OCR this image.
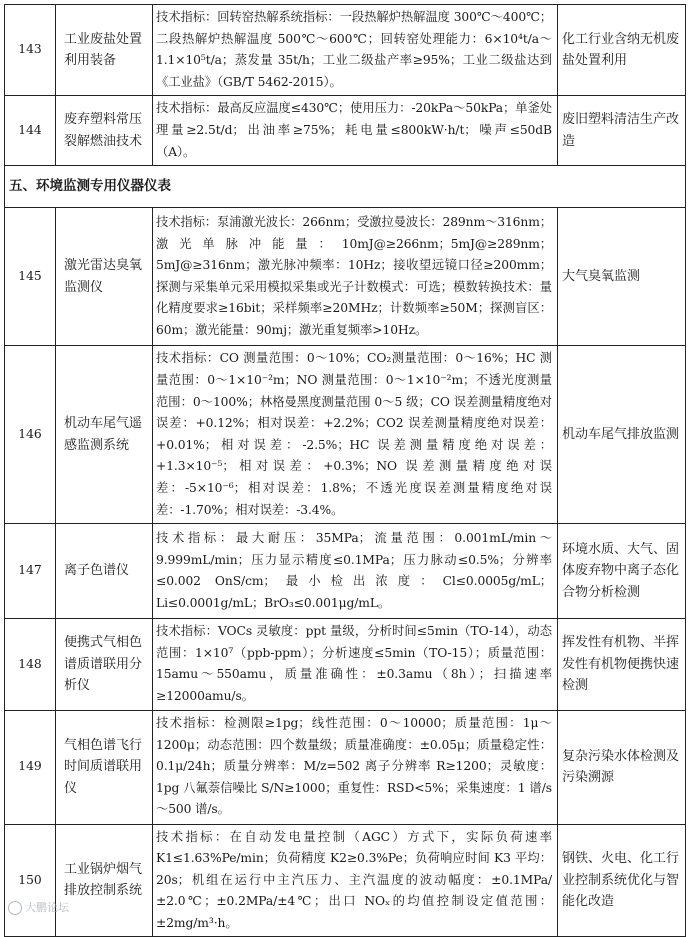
143	工业废盐处置利用装备	技术指标：回转窑热解系统指标：一段热解炉热解温度 300℃～400℃；二段热解炉热解温度 500℃～600℃；回转窑处理能力：6×10⁴t/a～1.1×10⁵t/a；蒸发量 35t/h；工业二级盐产率≥95%；工业二级盐达到《工业盐》（GB/T 5462-2015）。	化工行业含纳无机废盐处置利用
144	废弃塑料常压裂解燃油技术	技术指标：最高反应温度≤430℃；使用压力：-20kPa～50kPa；单釜处理量≥2.5t/d；出油率≥75%；耗电量≤800kW·h/t；噪声≤50dB（A）。	废旧塑料清洁生产改造
五、环境监测专用仪器仪表			
145	激光雷达臭氧监测仪	技术指标：泵浦激光波长：266nm；受激拉曼波长：289nm～316nm；激光单脉冲能量：10mJ@≥266nm；5mJ@≥289nm；5mJ@≥316nm；激光脉冲频率：10Hz；接收望远镜口径≥200mm；探测与采集单元采用模拟采集或光子计数模式：可选；模数转换技术：量化精度要求≥16bit；采样频率≥20MHz；计数频率≥50M；探测盲区：60m；激光能量：90mj；激光重复频率>10Hz。	大气臭氧监测
146	机动车尾气遥感监测系统	技术指标：CO 测量范围：0～10%；CO₂测量范围：0～16%；HC 测量范围：0～1×10⁻²m；NO 测量范围：0～1×10⁻²m；不透光度测量范围：0～100%；林格曼黑度测量范围 0～5 级；CO 误差测量精度绝对误差：+0.12%；相对误差：+2.2%；CO2 误差测量精度绝对误差：+0.01%；相对误差：-2.5%；HC 误差测量精度绝对误差：+1.3×10⁻⁵；相对误差：+0.3%；NO 误差测量精度绝对误差：-5×10⁻⁶；相对误差：1.8%；不透光度误差测量精度绝对误差：-1.70%；相对误差：-3.4%。	机动车尾气排放监测
147	离子色谱仪	技术指标：最大耐压：35MPa；流量范围：0.001mL/min～9.999mL/min；压力显示精度≤0.1MPa；压力脉动≤0.5%；分辨率≤0.002 OnS/cm；最小检出浓度：Cl≤0.0005g/mL；Li≤0.0001g/mL；BrO₃≤0.001μg/mL。	环境水质、大气、固体废弃物中离子态化合物分析检测
148	便携式气相色谱质谱联用分析仪	技术指标：VOCs 灵敏度：ppt 量级，分析时间≤5min（TO-14），动态范围：1×10⁷（ppb-ppm）；分析速度≤5min（TO-15）；质量范围：15amu～550amu，质量准确性：±0.3amu（8h）；扫描速率≥12000amu/s。	挥发性有机物、半挥发性有机物便携快速检测
149	气相色谱飞行时间质谱联用仪	技术指标：检测限≥1pg；线性范围：0～10000；质量范围：1μ～1200μ；动态范围：四个数量级；质量准确度：±0.05μ；质量稳定性：0.1μ/24h；质量分辨率：M/z=502 离子分辨率 R≥1200；灵敏度：1pg 八氟萘信噪比 S/N≥1000；重复性：RSD<5%；采集速度：1 谱/s～500 谱/s。	复杂污染水体检测及污染溯源
150	工业锅炉烟气排放控制系统	技术指标：在自动发电量控制（AGC）方式下，实际负荷速率 K1≤1.63%Pe/min；负荷精度 K2≥0.3%Pe；负荷响应时间 K3 平均：20s；机组在运行中主汽压力、主汽温度的波动幅度：±0.1MPa/±2.0℃；±0.2MPa/±4℃；出口 NOₓ的均值控制设定值范围：±2mg/m³·h。	钢铁、火电、化工行业控制系统优化与智能化改造
大鹏论坛
